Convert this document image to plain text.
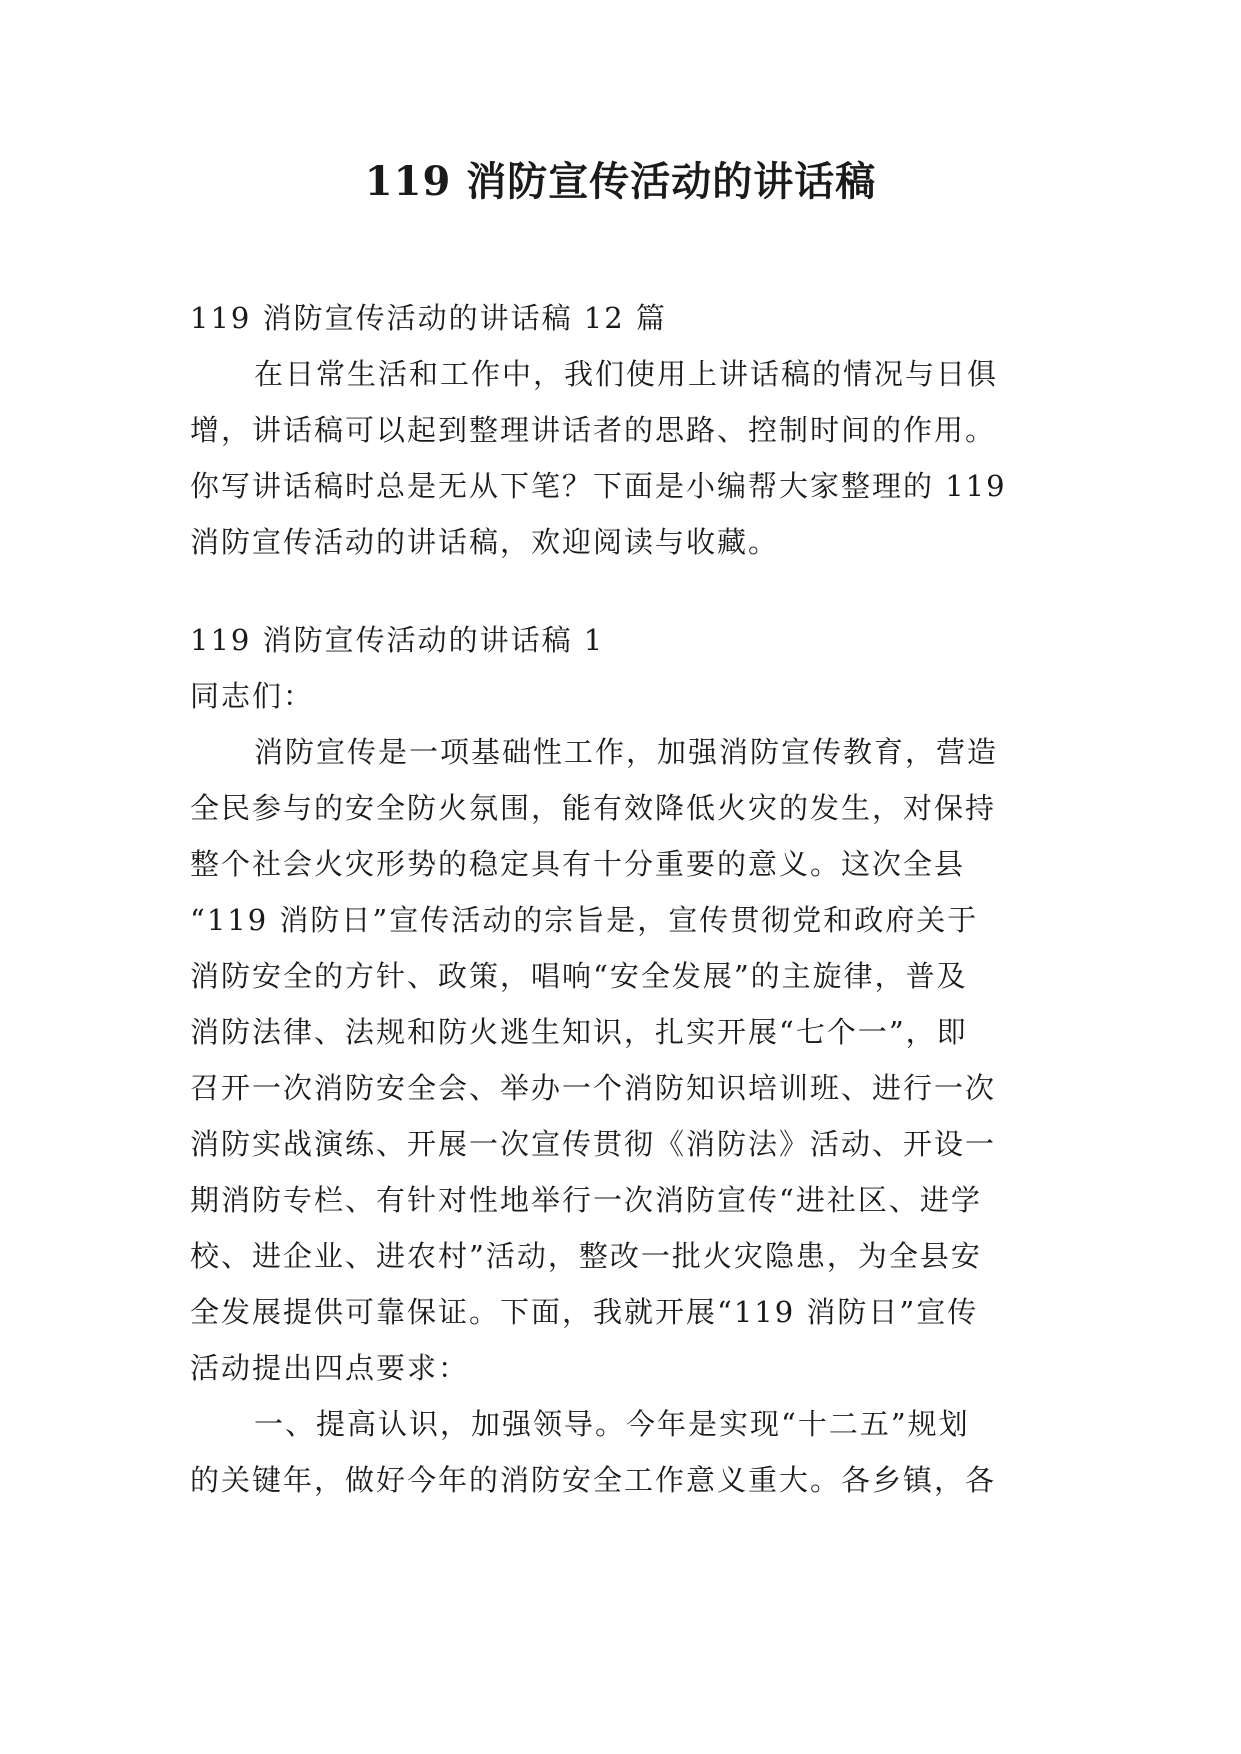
119 消防宣传活动的讲话稿
119 消防宣传活动的讲话稿 12 篇
在日常生活和工作中，我们使用上讲话稿的情况与日俱
增，讲话稿可以起到整理讲话者的思路、控制时间的作用。
你写讲话稿时总是无从下笔？下面是小编帮大家整理的 119
消防宣传活动的讲话稿，欢迎阅读与收藏。
119 消防宣传活动的讲话稿 1
同志们：
消防宣传是一项基础性工作，加强消防宣传教育，营造
全民参与的安全防火氛围，能有效降低火灾的发生，对保持
整个社会火灾形势的稳定具有十分重要的意义。这次全县
“119 消防日”宣传活动的宗旨是，宣传贯彻党和政府关于
消防安全的方针、政策，唱响“安全发展”的主旋律，普及
消防法律、法规和防火逃生知识，扎实开展“七个一”，即
召开一次消防安全会、举办一个消防知识培训班、进行一次
消防实战演练、开展一次宣传贯彻《消防法》活动、开设一
期消防专栏、有针对性地举行一次消防宣传“进社区、进学
校、进企业、进农村”活动，整改一批火灾隐患，为全县安
全发展提供可靠保证。下面，我就开展“119 消防日”宣传
活动提出四点要求：
一、提高认识，加强领导。今年是实现“十二五”规划
的关键年，做好今年的消防安全工作意义重大。各乡镇，各
